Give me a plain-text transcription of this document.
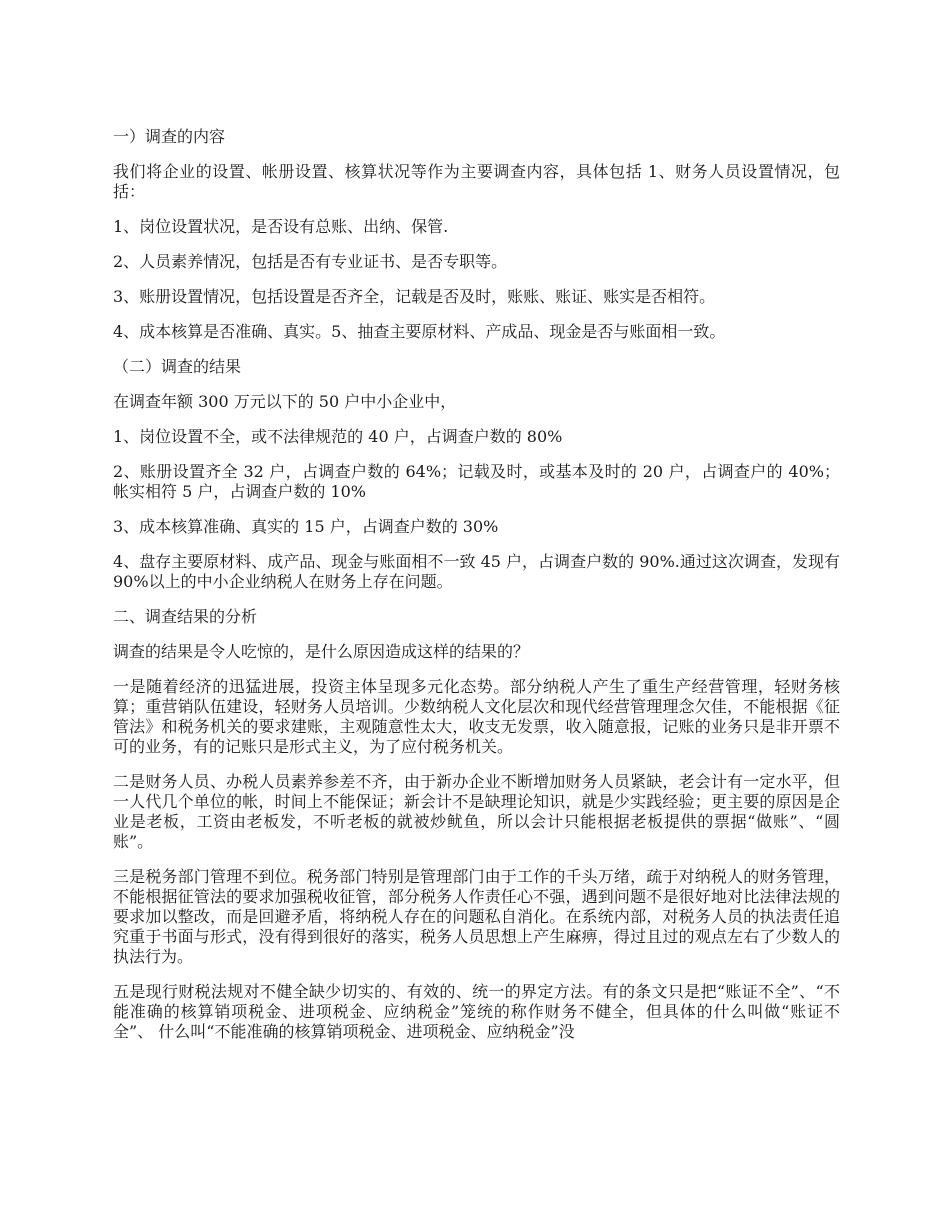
一）调查的内容

我们将企业的设置、帐册设置、核算状况等作为主要调查内容，具体包括 1、财务人员设置情况，包括：

1、岗位设置状况，是否设有总账、出纳、保管.

2、人员素养情况，包括是否有专业证书、是否专职等。

3、账册设置情况，包括设置是否齐全，记载是否及时，账账、账证、账实是否相符。

4、成本核算是否准确、真实。5、抽查主要原材料、产成品、现金是否与账面相一致。

（二）调查的结果

在调查年额 300 万元以下的 50 户中小企业中，

1、岗位设置不全，或不法律规范的 40 户，占调查户数的 80%

2、账册设置齐全 32 户，占调查户数的 64%；记载及时，或基本及时的 20 户，占调查户的 40%；帐实相符 5 户，占调查户数的 10%

3、成本核算准确、真实的 15 户，占调查户数的 30%

4、盘存主要原材料、成产品、现金与账面相不一致 45 户，占调查户数的 90%.通过这次调查，发现有 90%以上的中小企业纳税人在财务上存在问题。

二、调查结果的分析

调查的结果是令人吃惊的，是什么原因造成这样的结果的？

一是随着经济的迅猛进展，投资主体呈现多元化态势。部分纳税人产生了重生产经营管理，轻财务核算；重营销队伍建设，轻财务人员培训。少数纳税人文化层次和现代经营管理理念欠佳，不能根据《征管法》和税务机关的要求建账，主观随意性太大，收支无发票，收入随意报，记账的业务只是非开票不可的业务，有的记账只是形式主义，为了应付税务机关。

二是财务人员、办税人员素养参差不齐，由于新办企业不断增加财务人员紧缺，老会计有一定水平，但一人代几个单位的帐，时间上不能保证；新会计不是缺理论知识，就是少实践经验；更主要的原因是企业是老板，工资由老板发，不听老板的就被炒鱿鱼，所以会计只能根据老板提供的票据“做账”、“圆账”。

三是税务部门管理不到位。税务部门特别是管理部门由于工作的千头万绪，疏于对纳税人的财务管理，不能根据征管法的要求加强税收征管，部分税务人作责任心不强，遇到问题不是很好地对比法律法规的要求加以整改，而是回避矛盾，将纳税人存在的问题私自消化。在系统内部，对税务人员的执法责任追究重于书面与形式，没有得到很好的落实，税务人员思想上产生麻痹，得过且过的观点左右了少数人的执法行为。

五是现行财税法规对不健全缺少切实的、有效的、统一的界定方法。有的条文只是把“账证不全”、“不能准确的核算销项税金、进项税金、应纳税金”笼统的称作财务不健全，但具体的什么叫做“账证不全”、 什么叫“不能准确的核算销项税金、进项税金、应纳税金”没
